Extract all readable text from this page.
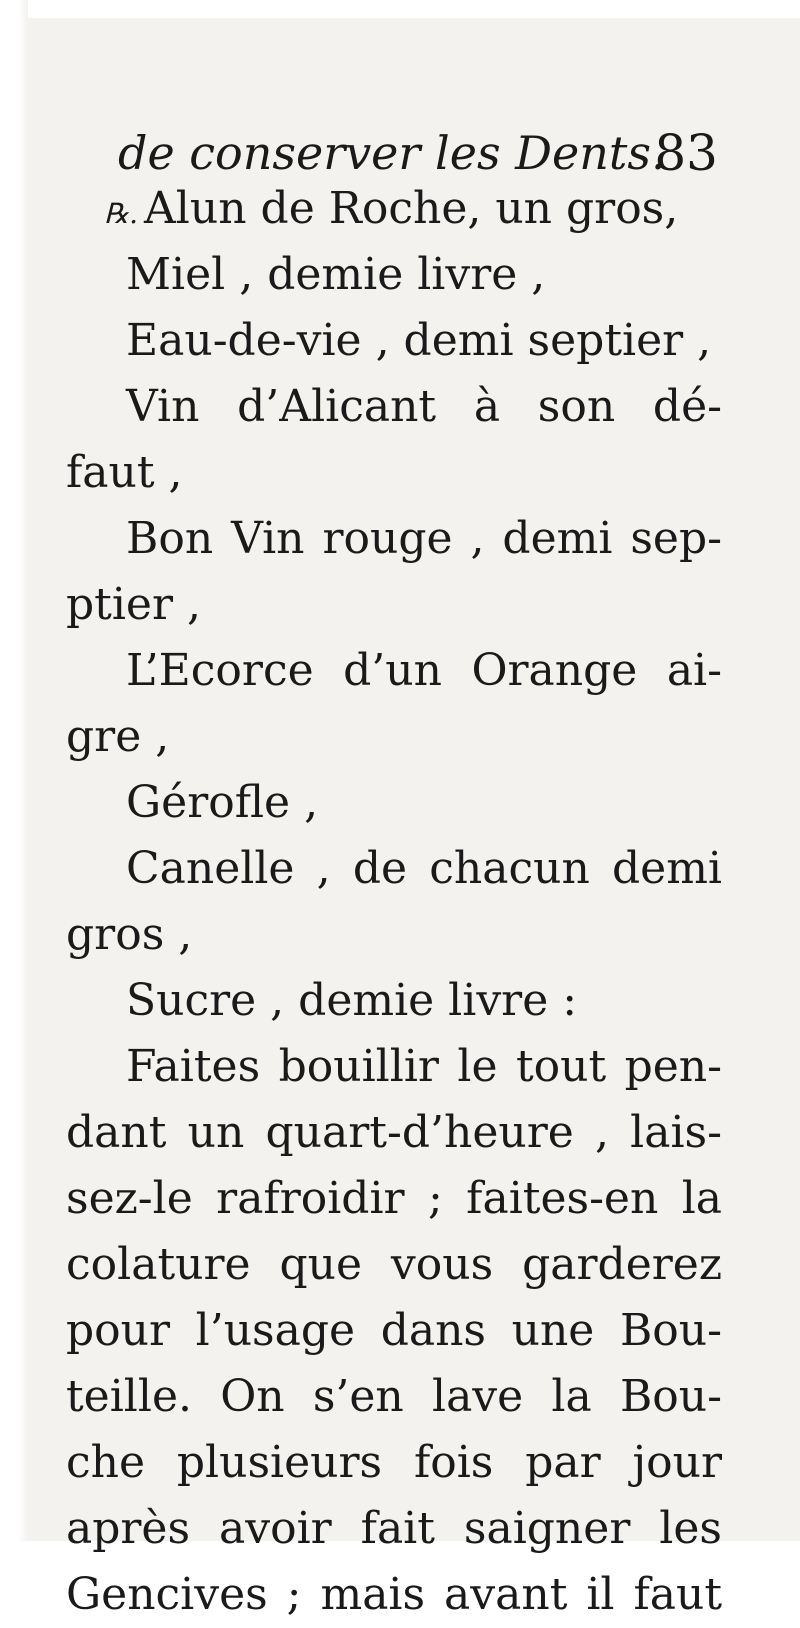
de conserver les Dents.
83
℞. Alun de Roche, un gros,
Miel , demie livre ,
Eau-de-vie , demi septier ,
Vin d’Alicant à son dé-
faut ,
Bon Vin rouge , demi sep-
ptier ,
L’Ecorce d’un Orange ai-
gre ,
Gérofle ,
Canelle , de chacun demi
gros ,
Sucre , demie livre :
Faites bouillir le tout pen-
dant un quart-d’heure , lais-
sez-le rafroidir ; faites-en la
colature que vous garderez
pour l’usage dans une Bou-
teille. On s’en lave la Bou-
che plusieurs fois par jour
après avoir fait saigner les
Gencives ; mais avant il faut
